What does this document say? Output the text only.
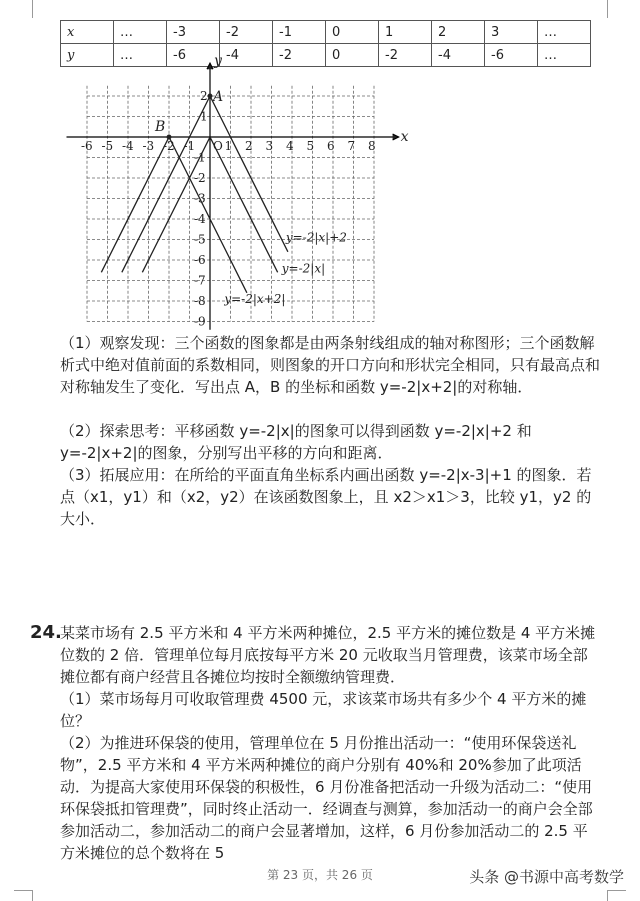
x	…	-3	-2	-1	0	1	2	3	…
y	…	-6	-4	-2	0	-2	-4	-6	…
-6 -5 -4 -3 -2 -1 O 1 2 3 4 5 6 7 8
2
1
-1
-2
-3
-4
-5
-6
-7
-8
-9
x
y
A
B
y=-2|x|+2
y=-2|x|
y=-2|x+2|

（1）观察发现：三个函数的图象都是由两条射线组成的轴对称图形；三个函数解析式中绝对值前面的系数相同，则图象的开口方向和形状完全相同，只有最高点和对称轴发生了变化．写出点 A，B 的坐标和函数 y=-2|x+2|的对称轴．

（2）探索思考：平移函数 y=-2|x|的图象可以得到函数 y=-2|x|+2 和 y=-2|x+2|的图象，分别写出平移的方向和距离．

（3）拓展应用：在所给的平面直角坐标系内画出函数 y=-2|x-3|+1 的图象．若点（x1，y1）和（x2，y2）在该函数图象上，且 x2＞x1＞3，比较 y1，y2 的大小．

24.

某菜市场有 2.5 平方米和 4 平方米两种摊位，2.5 平方米的摊位数是 4 平方米摊位数的 2 倍．管理单位每月底按每平方米 20 元收取当月管理费，该菜市场全部摊位都有商户经营且各摊位均按时全额缴纳管理费．

（1）菜市场每月可收取管理费 4500 元，求该菜市场共有多少个 4 平方米的摊位？

（2）为推进环保袋的使用，管理单位在 5 月份推出活动一：“使用环保袋送礼物”，2.5 平方米和 4 平方米两种摊位的商户分别有 40%和 20%参加了此项活动．为提高大家使用环保袋的积极性，6 月份准备把活动一升级为活动二：“使用环保袋抵扣管理费”，同时终止活动一．经调查与测算，参加活动一的商户会全部参加活动二，参加活动二的商户会显著增加，这样，6 月份参加活动二的 2.5 平方米摊位的总个数将在 5

第 23 页，共 26 页	头条 @书源中高考数学
